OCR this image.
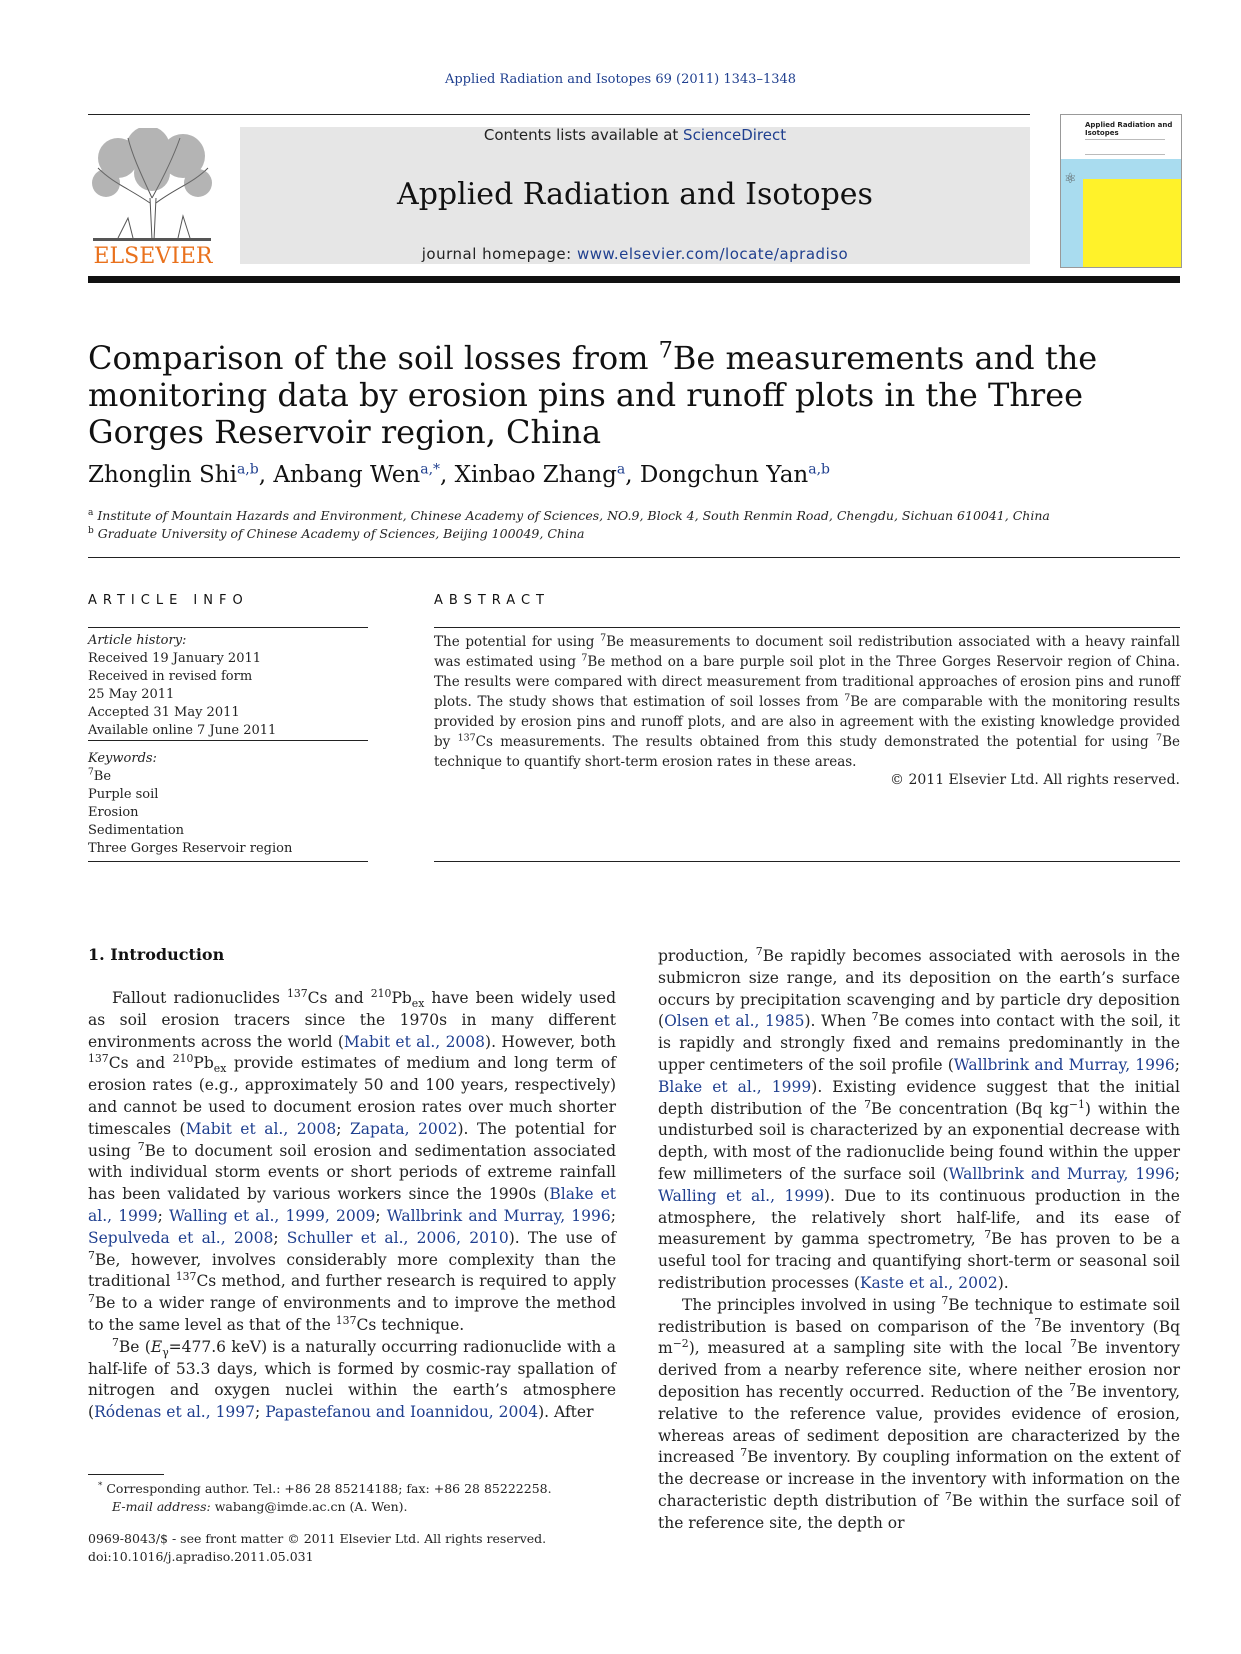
Applied Radiation and Isotopes 69 (2011) 1343–1348
ELSEVIER
Contents lists available at ScienceDirect
Applied Radiation and Isotopes
journal homepage: www.elsevier.com/locate/apradiso
Applied Radiation and Isotopes
⚛
Comparison of the soil losses from $^7$Be measurements and the monitoring data by erosion pins and runoff plots in the Three Gorges Reservoir region, China
Zhonglin Shi$^{a,b}$, Anbang Wen$^{a,*}$, Xinbao Zhang$^a$, Dongchun Yan$^{a,b}$
$^a$ Institute of Mountain Hazards and Environment, Chinese Academy of Sciences, NO.9, Block 4, South Renmin Road, Chengdu, Sichuan 610041, China
$^b$ Graduate University of Chinese Academy of Sciences, Beijing 100049, China
ARTICLE INFO
Article history:
Received 19 January 2011
Received in revised form
25 May 2011
Accepted 31 May 2011
Available online 7 June 2011
Keywords:
$^7$Be
Purple soil
Erosion
Sedimentation
Three Gorges Reservoir region
ABSTRACT
The potential for using $^7$Be measurements to document soil redistribution associated with a heavy rainfall was estimated using $^7$Be method on a bare purple soil plot in the Three Gorges Reservoir region of China. The results were compared with direct measurement from traditional approaches of erosion pins and runoff plots. The study shows that estimation of soil losses from $^7$Be are comparable with the monitoring results provided by erosion pins and runoff plots, and are also in agreement with the existing knowledge provided by $^{137}$Cs measurements. The results obtained from this study demonstrated the potential for using $^7$Be technique to quantify short-term erosion rates in these areas.
© 2011 Elsevier Ltd. All rights reserved.
1. Introduction

Fallout radionuclides $^{137}$Cs and $^{210}Pb_{ex}$ have been widely used as soil erosion tracers since the 1970s in many different environments across the world (Mabit et al., 2008). However, both $^{137}$Cs and $^{210}Pb_{ex}$ provide estimates of medium and long term of erosion rates (e.g., approximately 50 and 100 years, respectively) and cannot be used to document erosion rates over much shorter timescales (Mabit et al., 2008; Zapata, 2002). The potential for using $^7$Be to document soil erosion and sedimentation associated with individual storm events or short periods of extreme rainfall has been validated by various workers since the 1990s (Blake et al., 1999; Walling et al., 1999, 2009; Wallbrink and Murray, 1996; Sepulveda et al., 2008; Schuller et al., 2006, 2010). The use of $^7$Be, however, involves considerably more complexity than the traditional $^{137}$Cs method, and further research is required to apply $^7$Be to a wider range of environments and to improve the method to the same level as that of the $^{137}$Cs technique.

$^7$Be ($E_\gamma=477.6$ keV) is a naturally occurring radionuclide with a half-life of 53.3 days, which is formed by cosmic-ray spallation of nitrogen and oxygen nuclei within the earth’s atmosphere (Ródenas et al., 1997; Papastefanou and Ioannidou, 2004). After

production, $^7$Be rapidly becomes associated with aerosols in the submicron size range, and its deposition on the earth’s surface occurs by precipitation scavenging and by particle dry deposition (Olsen et al., 1985). When $^7$Be comes into contact with the soil, it is rapidly and strongly fixed and remains predominantly in the upper centimeters of the soil profile (Wallbrink and Murray, 1996; Blake et al., 1999). Existing evidence suggest that the initial depth distribution of the $^7$Be concentration (Bq $kg^{-1}$) within the undisturbed soil is characterized by an exponential decrease with depth, with most of the radionuclide being found within the upper few millimeters of the surface soil (Wallbrink and Murray, 1996; Walling et al., 1999). Due to its continuous production in the atmosphere, the relatively short half-life, and its ease of measurement by gamma spectrometry, $^7$Be has proven to be a useful tool for tracing and quantifying short-term or seasonal soil redistribution processes (Kaste et al., 2002).

The principles involved in using $^7$Be technique to estimate soil redistribution is based on comparison of the $^7$Be inventory (Bq $m^{-2}$), measured at a sampling site with the local $^7$Be inventory derived from a nearby reference site, where neither erosion nor deposition has recently occurred. Reduction of the $^7$Be inventory, relative to the reference value, provides evidence of erosion, whereas areas of sediment deposition are characterized by the increased $^7$Be inventory. By coupling information on the extent of the decrease or increase in the inventory with information on the characteristic depth distribution of $^7$Be within the surface soil of the reference site, the depth or

* Corresponding author. Tel.: +86 28 85214188; fax: +86 28 85222258.
E-mail address: wabang@imde.ac.cn (A. Wen).
0969-8043/$ - see front matter © 2011 Elsevier Ltd. All rights reserved.
doi:10.1016/j.apradiso.2011.05.031
